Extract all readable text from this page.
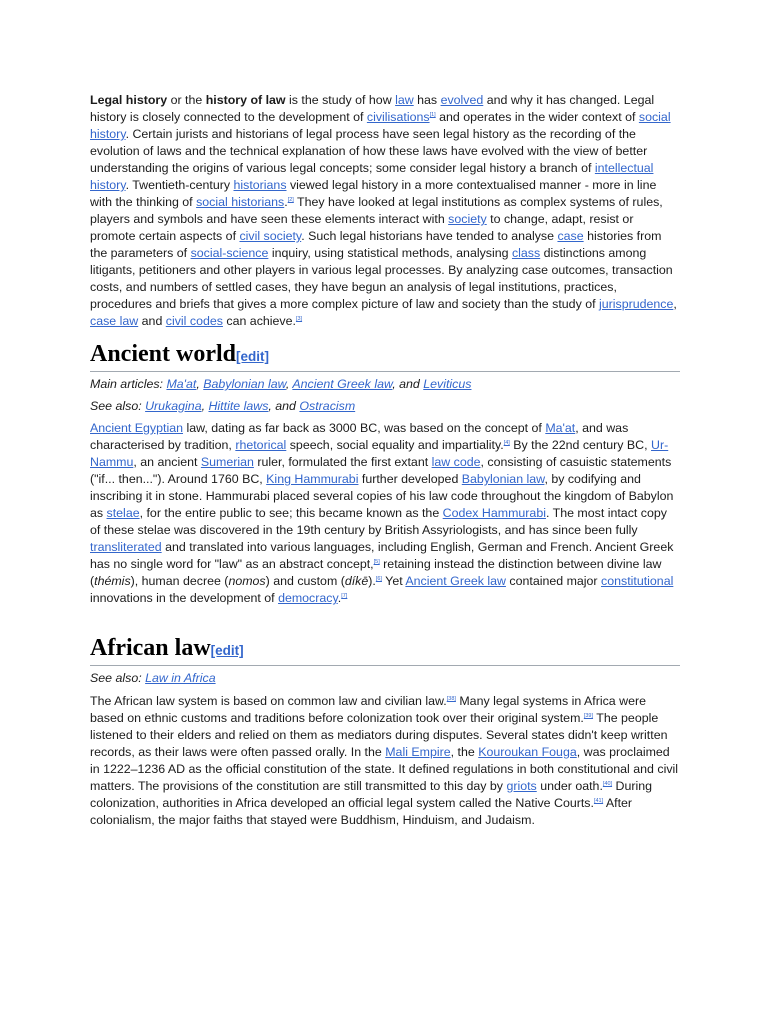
Legal history or the history of law is the study of how law has evolved and why it has changed. Legal history is closely connected to the development of civilisations[1] and operates in the wider context of social history. Certain jurists and historians of legal process have seen legal history as the recording of the evolution of laws and the technical explanation of how these laws have evolved with the view of better understanding the origins of various legal concepts; some consider legal history a branch of intellectual history. Twentieth-century historians viewed legal history in a more contextualised manner - more in line with the thinking of social historians.[2] They have looked at legal institutions as complex systems of rules, players and symbols and have seen these elements interact with society to change, adapt, resist or promote certain aspects of civil society. Such legal historians have tended to analyse case histories from the parameters of social-science inquiry, using statistical methods, analysing class distinctions among litigants, petitioners and other players in various legal processes. By analyzing case outcomes, transaction costs, and numbers of settled cases, they have begun an analysis of legal institutions, practices, procedures and briefs that gives a more complex picture of law and society than the study of jurisprudence, case law and civil codes can achieve.[3]

Ancient world[edit]

Main articles: Ma'at, Babylonian law, Ancient Greek law, and Leviticus

See also: Urukagina, Hittite laws, and Ostracism

Ancient Egyptian law, dating as far back as 3000 BC, was based on the concept of Ma'at, and was characterised by tradition, rhetorical speech, social equality and impartiality.[4] By the 22nd century BC, Ur-Nammu, an ancient Sumerian ruler, formulated the first extant law code, consisting of casuistic statements ("if... then..."). Around 1760 BC, King Hammurabi further developed Babylonian law, by codifying and inscribing it in stone. Hammurabi placed several copies of his law code throughout the kingdom of Babylon as stelae, for the entire public to see; this became known as the Codex Hammurabi. The most intact copy of these stelae was discovered in the 19th century by British Assyriologists, and has since been fully transliterated and translated into various languages, including English, German and French. Ancient Greek has no single word for "law" as an abstract concept,[5] retaining instead the distinction between divine law (thémis), human decree (nomos) and custom (díkē).[6] Yet Ancient Greek law contained major constitutional innovations in the development of democracy.[7]

African law[edit]

See also: Law in Africa

The African law system is based on common law and civilian law.[38] Many legal systems in Africa were based on ethnic customs and traditions before colonization took over their original system.[39] The people listened to their elders and relied on them as mediators during disputes. Several states didn't keep written records, as their laws were often passed orally. In the Mali Empire, the Kouroukan Fouga, was proclaimed in 1222–1236 AD as the official constitution of the state. It defined regulations in both constitutional and civil matters. The provisions of the constitution are still transmitted to this day by griots under oath.[40] During colonization, authorities in Africa developed an official legal system called the Native Courts.[41] After colonialism, the major faiths that stayed were Buddhism, Hinduism, and Judaism.
